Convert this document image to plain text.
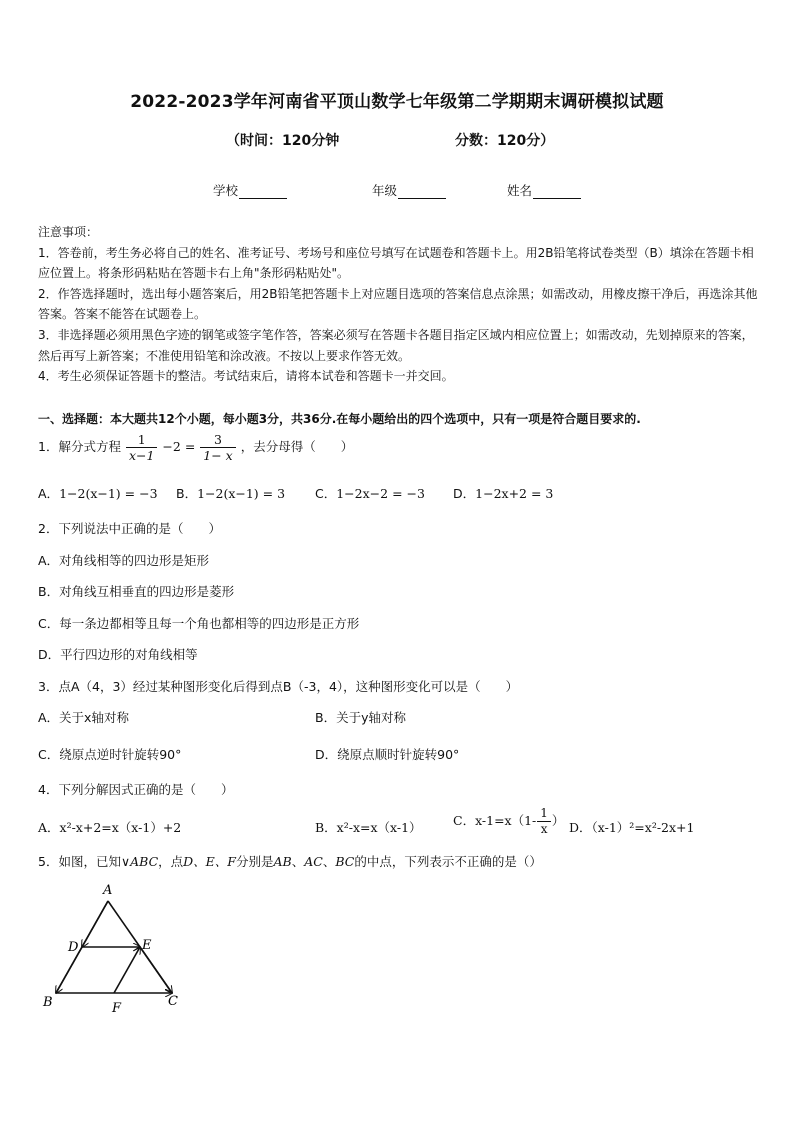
2022-2023学年河南省平顶山数学七年级第二学期期末调研模拟试题
（时间：120分钟	分数：120分）
学校	年级	姓名

注意事项：

1．答卷前，考生务必将自己的姓名、准考证号、考场号和座位号填写在试题卷和答题卡上。用2B铅笔将试卷类型（B）填涂在答题卡相应位置上。将条形码粘贴在答题卡右上角"条形码粘贴处"。

2．作答选择题时，选出每小题答案后，用2B铅笔把答题卡上对应题目选项的答案信息点涂黑；如需改动，用橡皮擦干净后，再选涂其他答案。答案不能答在试题卷上。

3．非选择题必须用黑色字迹的钢笔或签字笔作答，答案必须写在答题卡各题目指定区域内相应位置上；如需改动，先划掉原来的答案，然后再写上新答案；不准使用铅笔和涂改液。不按以上要求作答无效。

4．考生必须保证答题卡的整洁。考试结束后，请将本试卷和答题卡一并交回。

一、选择题：本大题共12个小题，每小题3分，共36分.在每小题给出的四个选项中，只有一项是符合题目要求的.
1．解分式方程 $\frac{1}{x-1} -2 = \frac{3}{1- x}$ ，去分母得（　　）
A．1−2(x−1) = −3 B．1−2(x−1) = 3 C．1−2x−2 = −3 D．1−2x+2 = 3
2．下列说法中正确的是（　　）
A．对角线相等的四边形是矩形
B．对角线互相垂直的四边形是菱形
C．每一条边都相等且每一个角也都相等的四边形是正方形
D．平行四边形的对角线相等
3．点A（4，3）经过某种图形变化后得到点B（-3，4），这种图形变化可以是（　　）
A．关于x轴对称	B．关于y轴对称
C．绕原点逆时针旋转90°	D．绕原点顺时针旋转90°
4．下列分解因式正确的是（　　）
A．x²-x+2=x（x-1）+2	B．x²-x=x（x-1）	C．$x-1=x(1- \frac{1}{x}$ ） D．（x-1）²=x²-2x+1
5．如图，已知∨ABC，点D、E、F分别是AB、AC、BC的中点，下列表示不正确的是（）
A
D	E
B	F	C
